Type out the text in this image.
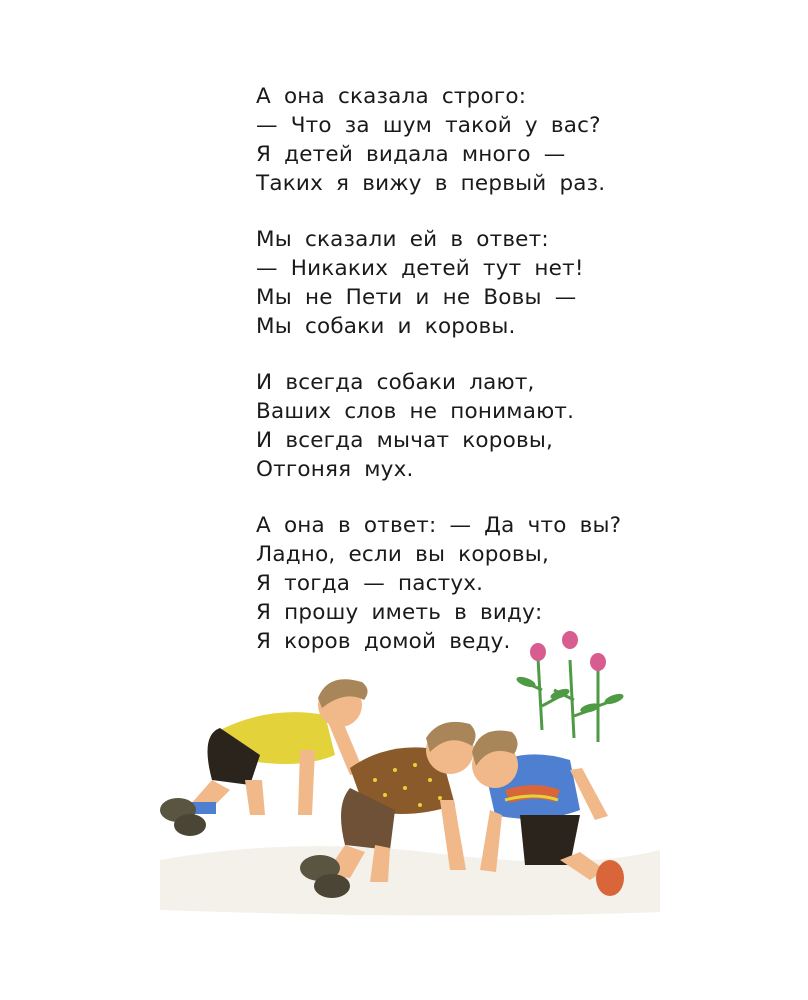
А она сказала строго:
— Что за шум такой у вас?
Я детей видала много —
Таких я вижу в первый раз.
Мы сказали ей в ответ:
— Никаких детей тут нет!
Мы не Пети и не Вовы —
Мы собаки и коровы.
И всегда собаки лают,
Ваших слов не понимают.
И всегда мычат коровы,
Отгоняя мух.
А она в ответ: — Да что вы?
Ладно, если вы коровы,
Я тогда — пастух.
Я прошу иметь в виду:
Я коров домой веду.
